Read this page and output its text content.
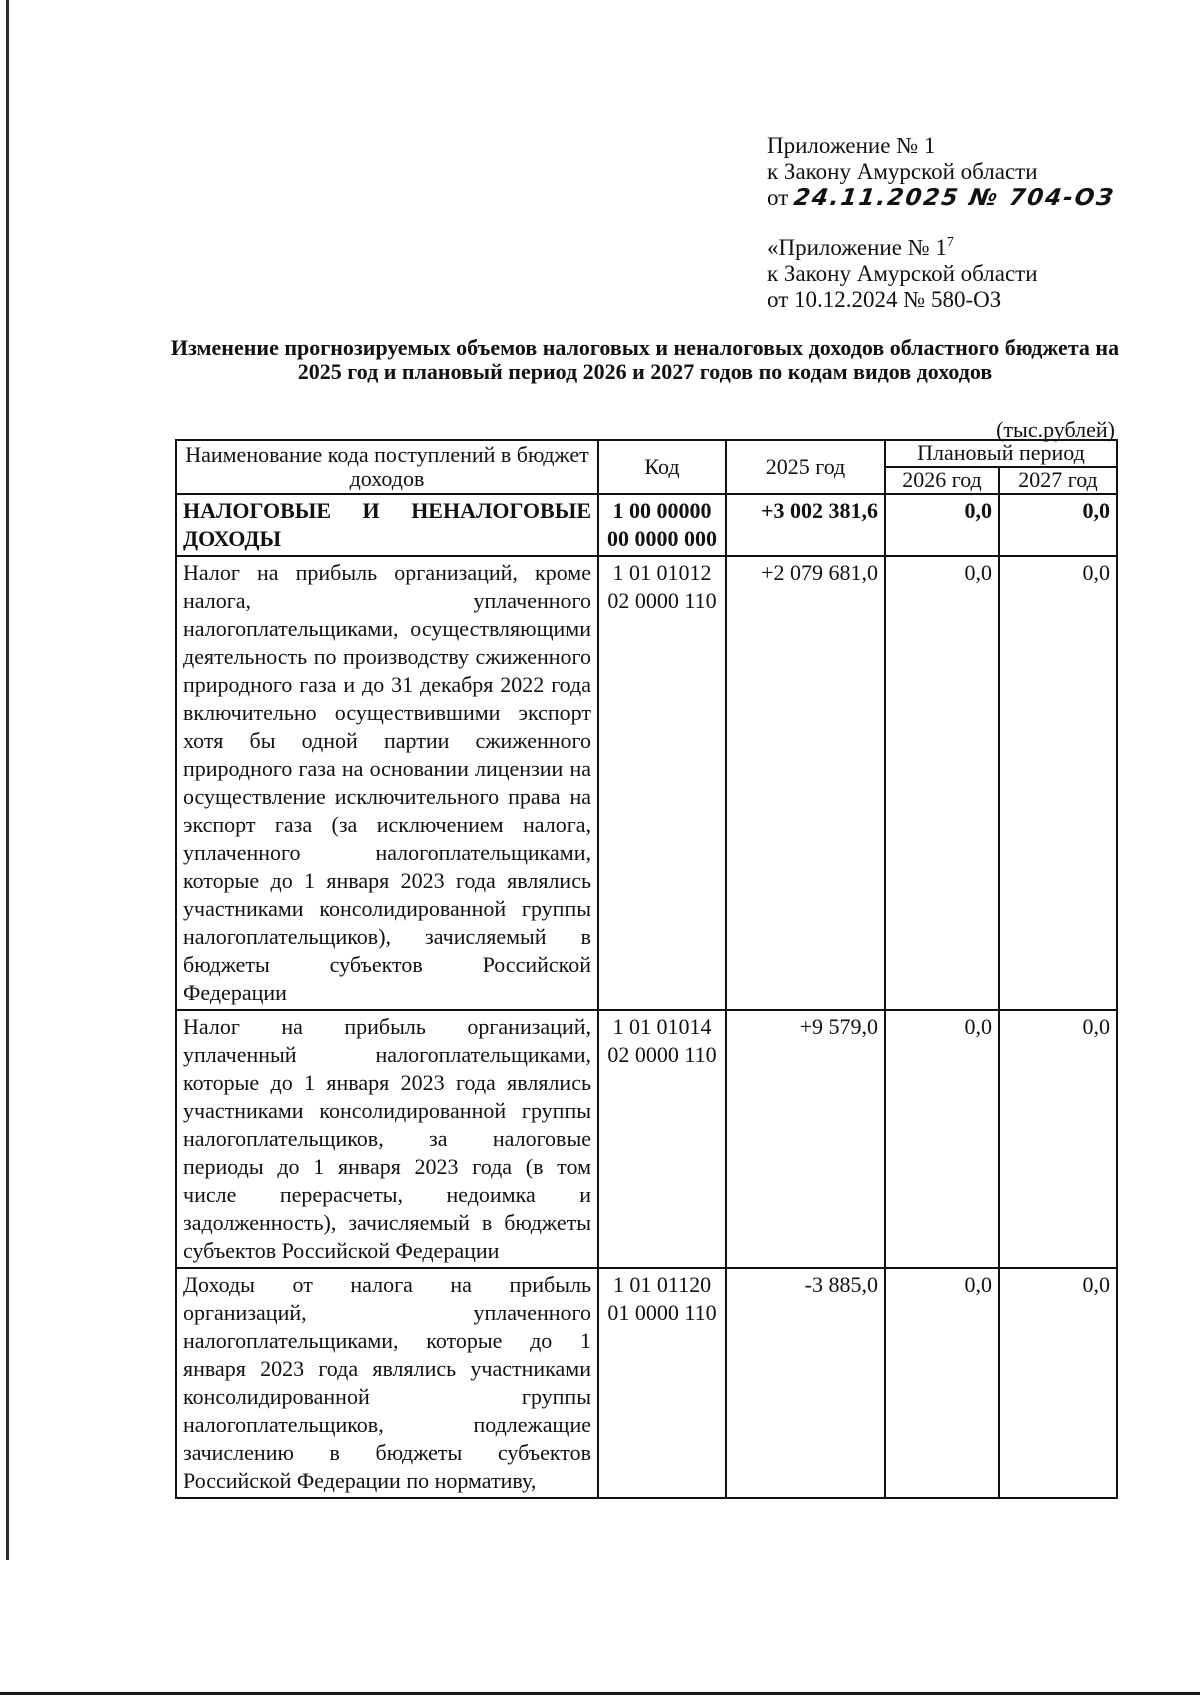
Приложение № 1
к Закону Амурской области
от 24.11.2025 № 704-ОЗ
«Приложение № $1^7$
к Закону Амурской области
от 10.12.2024 № 580-ОЗ
Изменение прогнозируемых объемов налоговых и неналоговых доходов областного бюджета на 2025 год и плановый период 2026 и 2027 годов по кодам видов доходов
(тыс.рублей)
Наименование кода поступлений в бюджет доходов	Код	2025 год	Плановый период	
			2026 год	2027 год
НАЛОГОВЫЕ И НЕНАЛОГОВЫЕ ДОХОДЫ	1 00 00000 00 0000 000	+3 002 381,6	0,0	0,0
Налог на прибыль организаций, кроме налога, уплаченного налогоплательщиками, осуществляющими деятельность по производству сжиженного природного газа и до 31 декабря 2022 года включительно осуществившими экспорт хотя бы одной партии сжиженного природного газа на основании лицензии на осуществление исключительного права на экспорт газа (за исключением налога, уплаченного налогоплательщиками, которые до 1 января 2023 года являлись участниками консолидированной группы налогоплательщиков), зачисляемый в бюджеты субъектов Российской Федерации	1 01 01012 02 0000 110	+2 079 681,0	0,0	0,0
Налог на прибыль организаций, уплаченный налогоплательщиками, которые до 1 января 2023 года являлись участниками консолидированной группы налогоплательщиков, за налоговые периоды до 1 января 2023 года (в том числе перерасчеты, недоимка и задолженность), зачисляемый в бюджеты субъектов Российской Федерации	1 01 01014 02 0000 110	+9 579,0	0,0	0,0
Доходы от налога на прибыль организаций, уплаченного налогоплательщиками, которые до 1 января 2023 года являлись участниками консолидированной группы налогоплательщиков, подлежащие зачислению в бюджеты субъектов Российской Федерации по нормативу,	1 01 01120 01 0000 110	-3 885,0	0,0	0,0
